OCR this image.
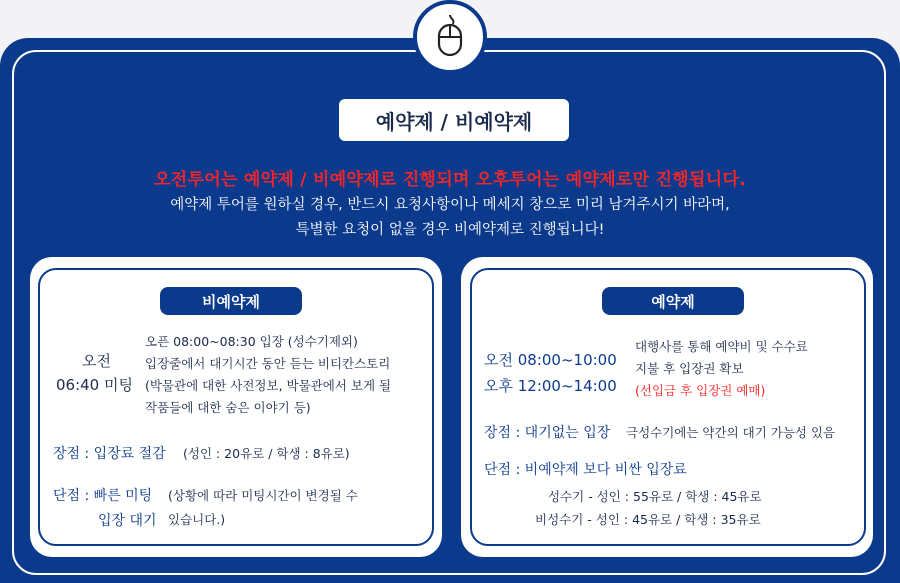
예약제 / 비예약제
오전투어는 예약제 / 비예약제로 진행되며 오후투어는 예약제로만 진행됩니다.
예약제 투어를 원하실 경우, 반드시 요청사항이나 메세지 창으로 미리 남겨주시기 바라며,
특별한 요청이 없을 경우 비예약제로 진행됩니다!
비예약제
오전
06:40 미팅
오픈 08:00~08:30 입장 (성수기제외)
입장줄에서 대기시간 동안 듣는 비티칸스토리
(박물관에 대한 사전정보, 박물관에서 보게 될
작품들에 대한 숨은 이야기 등)
장점 : 입장료 절감 (성인 : 20유로 / 학생 : 8유로)
단점 : 빠른 미팅
입장 대기
(상황에 따라 미팅시간이 변경될 수
있습니다.)
예약제
오전 08:00~10:00
오후 12:00~14:00
대행사를 통해 예약비 및 수수료
지불 후 입장권 확보
(선입금 후 입장권 예매)
장점 : 대기없는 입장 극성수기에는 약간의 대기 가능성 있음
단점 : 비예약제 보다 비싼 입장료
성수기 - 성인 : 55유로 / 학생 : 45유로
비성수기 - 성인 : 45유로 / 학생 : 35유로
